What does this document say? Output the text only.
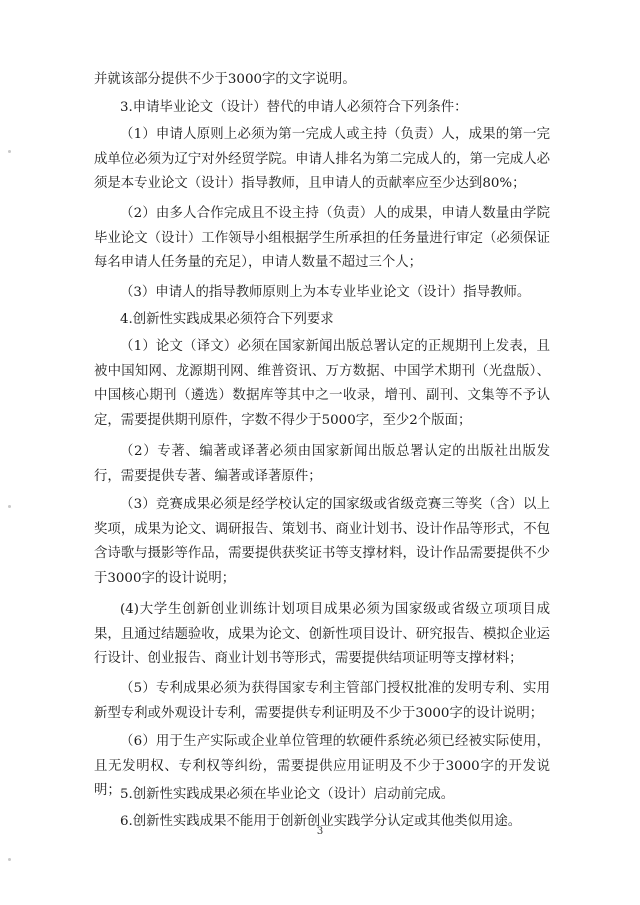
并就该部分提供不少于3000字的文字说明。

3.申请毕业论文（设计）替代的申请人必须符合下列条件：

（1）申请人原则上必须为第一完成人或主持（负责）人，成果的第一完成单位必须为辽宁对外经贸学院。申请人排名为第二完成人的，第一完成人必须是本专业论文（设计）指导教师，且申请人的贡献率应至少达到80%；

（2）由多人合作完成且不设主持（负责）人的成果，申请人数量由学院毕业论文（设计）工作领导小组根据学生所承担的任务量进行审定（必须保证每名申请人任务量的充足），申请人数量不超过三个人；

（3）申请人的指导教师原则上为本专业毕业论文（设计）指导教师。

4.创新性实践成果必须符合下列要求

（1）论文（译文）必须在国家新闻出版总署认定的正规期刊上发表，且被中国知网、龙源期刊网、维普资讯、万方数据、中国学术期刊（光盘版）、中国核心期刊（遴选）数据库等其中之一收录，增刊、副刊、文集等不予认定，需要提供期刊原件，字数不得少于5000字，至少2个版面；

（2）专著、编著或译著必须由国家新闻出版总署认定的出版社出版发行，需要提供专著、编著或译著原件；

（3）竞赛成果必须是经学校认定的国家级或省级竞赛三等奖（含）以上奖项，成果为论文、调研报告、策划书、商业计划书、设计作品等形式，不包含诗歌与摄影等作品，需要提供获奖证书等支撑材料，设计作品需要提供不少于3000字的设计说明；

(4)大学生创新创业训练计划项目成果必须为国家级或省级立项项目成果，且通过结题验收，成果为论文、创新性项目设计、研究报告、模拟企业运行设计、创业报告、商业计划书等形式，需要提供结项证明等支撑材料；

（5）专利成果必须为获得国家专利主管部门授权批准的发明专利、实用新型专利或外观设计专利，需要提供专利证明及不少于3000字的设计说明；

（6）用于生产实际或企业单位管理的软硬件系统必须已经被实际使用，且无发明权、专利权等纠纷，需要提供应用证明及不少于3000字的开发说明； 5.创新性实践成果必须在毕业论文（设计）启动前完成。

6.创新性实践成果不能用于创新创业实践学分认定或其他类似用途。

3
